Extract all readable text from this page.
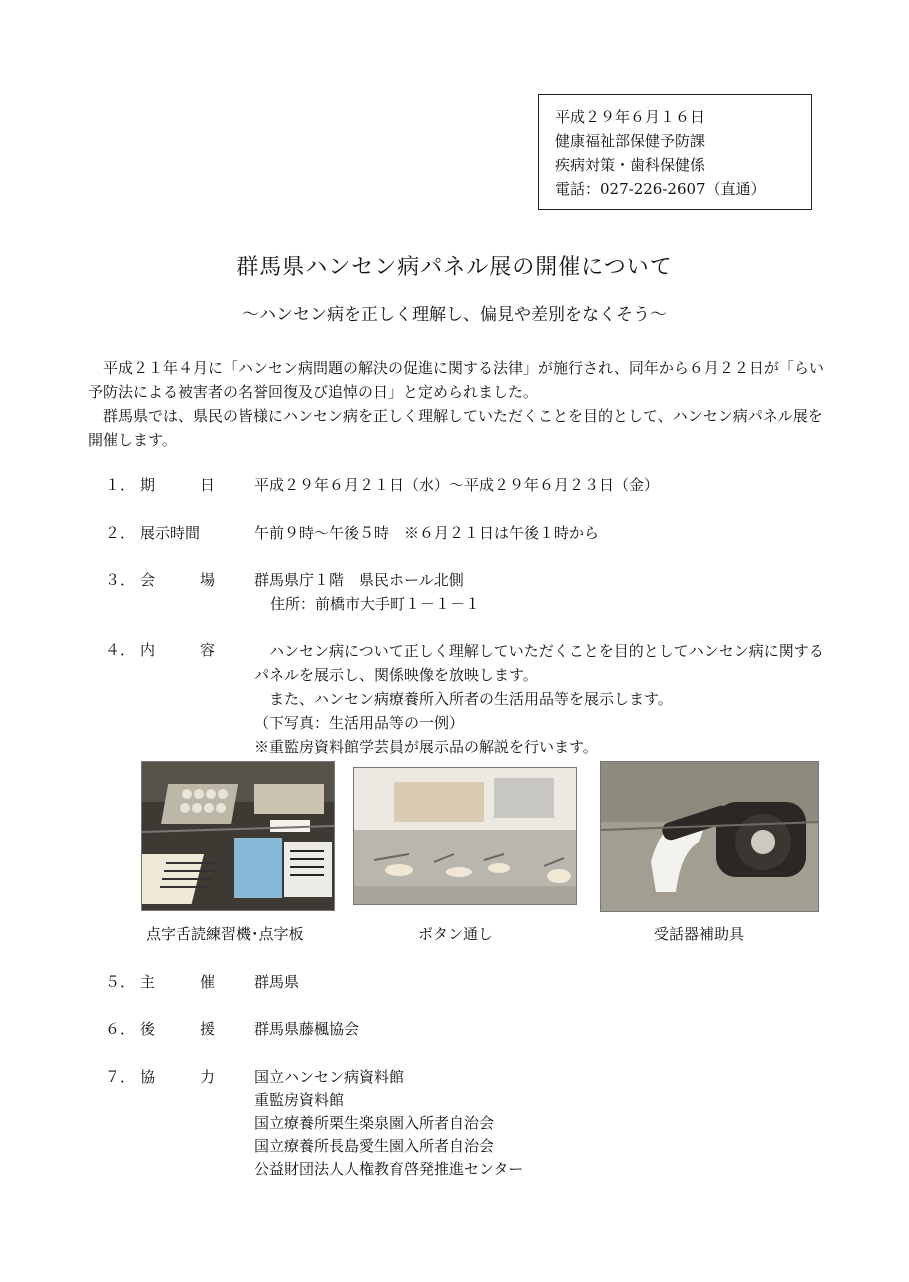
平成２９年６月１６日
健康福祉部保健予防課
疾病対策・歯科保健係
電話：027-226-2607（直通）
群馬県ハンセン病パネル展の開催について
～ハンセン病を正しく理解し、偏見や差別をなくそう～

　平成２１年４月に「ハンセン病問題の解決の促進に関する法律」が施行され、同年から６月２２日が「らい予防法による被害者の名誉回復及び追悼の日」と定められました。

　群馬県では、県民の皆様にハンセン病を正しく理解していただくことを目的として、ハンセン病パネル展を開催します。

１． 期	日	平成２９年６月２１日（水）～平成２９年６月２３日（金）
２． 展示時間	午前９時～午後５時　※６月２１日は午後１時から
３． 会	場	群馬県庁１階　県民ホール北側
住所：前橋市大手町１－１－１
４． 内	容	　ハンセン病について正しく理解していただくことを目的としてハンセン病に関するパネルを展示し、関係映像を放映します。

　また、ハンセン病療養所入所者の生活用品等を展示します。

（下写真：生活用品等の一例）

※重監房資料館学芸員が展示品の解説を行います。

点字舌読練習機･点字板	ボタン通し	受話器補助具
５． 主	催	群馬県
６． 後	援	群馬県藤楓協会
７． 協	力	国立ハンセン病資料館
重監房資料館
国立療養所栗生楽泉園入所者自治会
国立療養所長島愛生園入所者自治会
公益財団法人人権教育啓発推進センター
